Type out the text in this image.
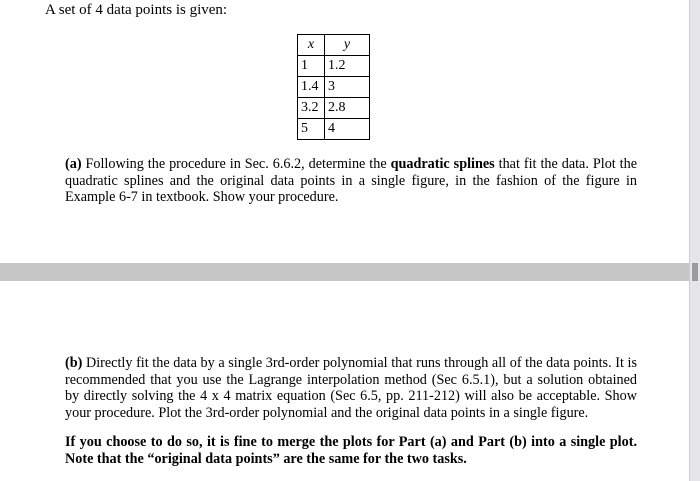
A set of 4 data points is given:

x	y
1	1.2
1.4	3
3.2	2.8
5	4

(a) Following the procedure in Sec. 6.6.2, determine the quadratic splines that fit the data. Plot the quadratic splines and the original data points in a single figure, in the fashion of the figure in Example 6-7 in textbook. Show your procedure.

(b) Directly fit the data by a single 3rd-order polynomial that runs through all of the data points. It is recommended that you use the Lagrange interpolation method (Sec 6.5.1), but a solution obtained by directly solving the 4 x 4 matrix equation (Sec 6.5, pp. 211-212) will also be acceptable. Show your procedure. Plot the 3rd-order polynomial and the original data points in a single figure.

If you choose to do so, it is fine to merge the plots for Part (a) and Part (b) into a single plot. Note that the “original data points” are the same for the two tasks.
